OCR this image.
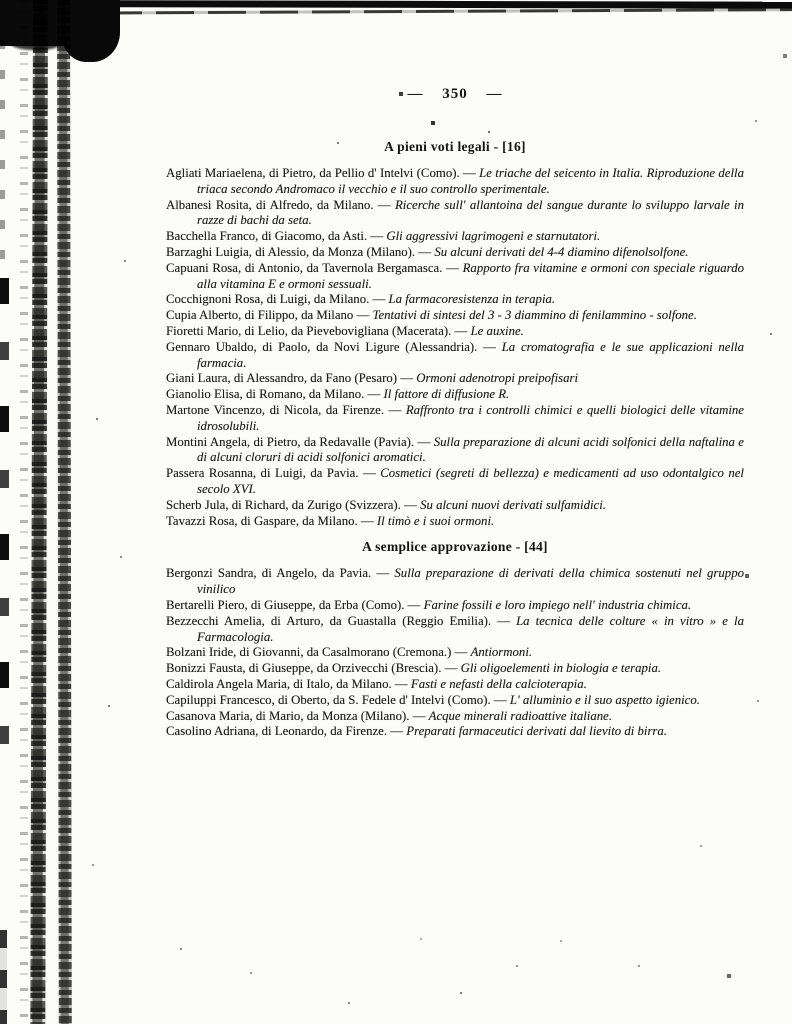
— 350 —
A pieni voti legali - [16]
Agliati Mariaelena, di Pietro, da Pellio d' Intelvi (Como). — Le triache del seicento in Italia. Riproduzione della triaca secondo Andromaco il vecchio e il suo controllo sperimentale.
Albanesi Rosita, di Alfredo, da Milano. — Ricerche sull' allantoina del sangue durante lo sviluppo larvale in razze di bachi da seta.
Bacchella Franco, di Giacomo, da Asti. — Gli aggressivi lagrimogeni e starnutatori.
Barzaghi Luigia, di Alessio, da Monza (Milano). — Su alcuni derivati del 4-4 diamino difenolsolfone.
Capuani Rosa, di Antonio, da Tavernola Bergamasca. — Rapporto fra vitamine e ormoni con speciale riguardo alla vitamina E e ormoni sessuali.
Cocchignoni Rosa, di Luigi, da Milano. — La farmacoresistenza in terapia.
Cupia Alberto, di Filippo, da Milano — Tentativi di sintesi del 3 - 3 diammino di fenilammino - solfone.
Fioretti Mario, di Lelio, da Pievebovigliana (Macerata). — Le auxine.
Gennaro Ubaldo, di Paolo, da Novi Ligure (Alessandria). — La cromatografia e le sue applicazioni nella farmacia.
Giani Laura, di Alessandro, da Fano (Pesaro) — Ormoni adenotropi preipofisari
Gianolio Elisa, di Romano, da Milano. — Il fattore di diffusione R.
Martone Vincenzo, di Nicola, da Firenze. — Raffronto tra i controlli chimici e quelli biologici delle vitamine idrosolubili.
Montini Angela, di Pietro, da Redavalle (Pavia). — Sulla preparazione di alcuni acidi solfonici della naftalina e di alcuni cloruri di acidi solfonici aromatici.
Passera Rosanna, di Luigi, da Pavia. — Cosmetici (segreti di bellezza) e medicamenti ad uso odontalgico nel secolo XVI.
Scherb Jula, di Richard, da Zurigo (Svizzera). — Su alcuni nuovi derivati sulfamidici.
Tavazzi Rosa, di Gaspare, da Milano. — Il timò e i suoi ormoni.
A semplice approvazione - [44]
Bergonzi Sandra, di Angelo, da Pavia. — Sulla preparazione di derivati della chimica sostenuti nel gruppo vinilico
Bertarelli Piero, di Giuseppe, da Erba (Como). — Farine fossili e loro impiego nell' industria chimica.
Bezzecchi Amelia, di Arturo, da Guastalla (Reggio Emilia). — La tecnica delle colture « in vitro » e la Farmacologia.
Bolzani Iride, di Giovanni, da Casalmorano (Cremona.) — Antiormoni.
Bonizzi Fausta, di Giuseppe, da Orzivecchi (Brescia). — Gli oligoelementi in biologia e terapia.
Caldirola Angela Maria, di Italo, da Milano. — Fasti e nefasti della calcioterapia.
Capiluppi Francesco, di Oberto, da S. Fedele d' Intelvi (Como). — L' alluminio e il suo aspetto igienico.
Casanova Maria, di Mario, da Monza (Milano). — Acque minerali radioattive italiane.
Casolino Adriana, di Leonardo, da Firenze. — Preparati farmaceutici derivati dal lievito di birra.
